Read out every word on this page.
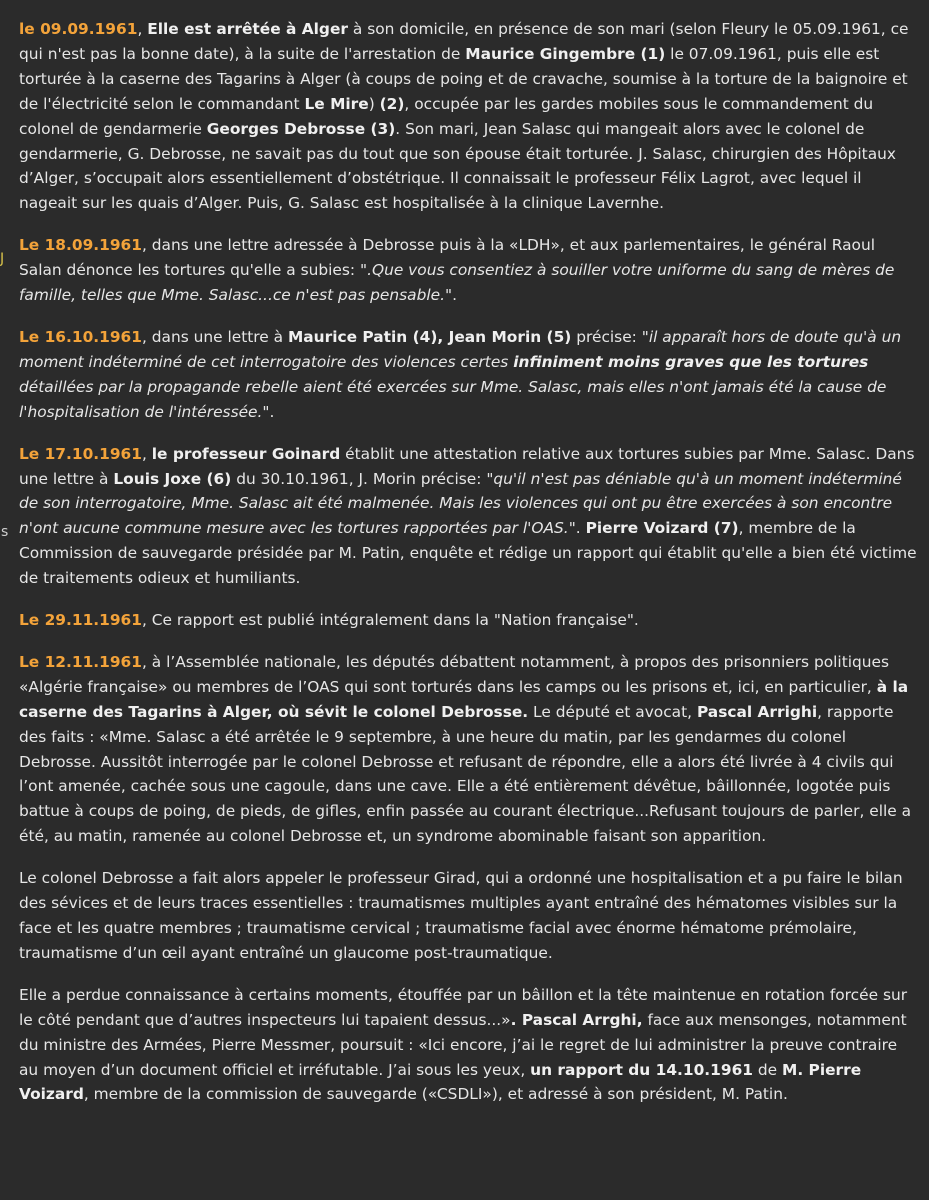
J
s

le 09.09.1961, Elle est arrêtée à Alger à son domicile, en présence de son mari (selon Fleury le 05.09.1961, ce qui n'est pas la bonne date), à la suite de l'arrestation de Maurice Gingembre (1) le 07.09.1961, puis elle est torturée à la caserne des Tagarins à Alger (à coups de poing et de cravache, soumise à la torture de la baignoire et de l'électricité selon le commandant Le Mire) (2), occupée par les gardes mobiles sous le commandement du colonel de gendarmerie Georges Debrosse (3). Son mari, Jean Salasc qui mangeait alors avec le colonel de gendarmerie, G. Debrosse, ne savait pas du tout que son épouse était torturée. J. Salasc, chirurgien des Hôpitaux d’Alger, s’occupait alors essentiellement d’obstétrique. Il connaissait le professeur Félix Lagrot, avec lequel il nageait sur les quais d’Alger. Puis, G. Salasc est hospitalisée à la clinique Lavernhe.

Le 18.09.1961, dans une lettre adressée à Debrosse puis à la «LDH», et aux parlementaires, le général Raoul Salan dénonce les tortures qu'elle a subies: ".Que vous consentiez à souiller votre uniforme du sang de mères de famille, telles que Mme. Salasc...ce n'est pas pensable.".

Le 16.10.1961, dans une lettre à Maurice Patin (4), Jean Morin (5) précise: "il apparaît hors de doute qu'à un moment indéterminé de cet interrogatoire des violences certes infiniment moins graves que les tortures détaillées par la propagande rebelle aient été exercées sur Mme. Salasc, mais elles n'ont jamais été la cause de l'hospitalisation de l'intéressée.".

Le 17.10.1961, le professeur Goinard établit une attestation relative aux tortures subies par Mme. Salasc. Dans une lettre à Louis Joxe (6) du 30.10.1961, J. Morin précise: "qu'il n'est pas déniable qu'à un moment indéterminé de son interrogatoire, Mme. Salasc ait été malmenée. Mais les violences qui ont pu être exercées à son encontre n'ont aucune commune mesure avec les tortures rapportées par l'OAS.". Pierre Voizard (7), membre de la Commission de sauvegarde présidée par M. Patin, enquête et rédige un rapport qui établit qu'elle a bien été victime de traitements odieux et humiliants.

Le 29.11.1961, Ce rapport est publié intégralement dans la "Nation française".

Le 12.11.1961, à l’Assemblée nationale, les députés débattent notamment, à propos des prisonniers politiques «Algérie française» ou membres de l’OAS qui sont torturés dans les camps ou les prisons et, ici, en particulier, à la caserne des Tagarins à Alger, où sévit le colonel Debrosse. Le député et avocat, Pascal Arrighi, rapporte des faits : «Mme. Salasc a été arrêtée le 9 septembre, à une heure du matin, par les gendarmes du colonel Debrosse. Aussitôt interrogée par le colonel Debrosse et refusant de répondre, elle a alors été livrée à 4 civils qui l’ont amenée, cachée sous une cagoule, dans une cave. Elle a été entièrement dévêtue, bâillonnée, logotée puis battue à coups de poing, de pieds, de gifles, enfin passée au courant électrique...Refusant toujours de parler, elle a été, au matin, ramenée au colonel Debrosse et, un syndrome abominable faisant son apparition.

Le colonel Debrosse a fait alors appeler le professeur Girad, qui a ordonné une hospitalisation et a pu faire le bilan des sévices et de leurs traces essentielles : traumatismes multiples ayant entraîné des hématomes visibles sur la face et les quatre membres ; traumatisme cervical ; traumatisme facial avec énorme hématome prémolaire, traumatisme d’un œil ayant entraîné un glaucome post-traumatique.

Elle a perdue connaissance à certains moments, étouffée par un bâillon et la tête maintenue en rotation forcée sur le côté pendant que d’autres inspecteurs lui tapaient dessus...». Pascal Arrghi, face aux mensonges, notamment du ministre des Armées, Pierre Messmer, poursuit : «Ici encore, j’ai le regret de lui administrer la preuve contraire au moyen d’un document officiel et irréfutable. J’ai sous les yeux, un rapport du 14.10.1961 de M. Pierre Voizard, membre de la commission de sauvegarde («CSDLI»), et adressé à son président, M. Patin.
